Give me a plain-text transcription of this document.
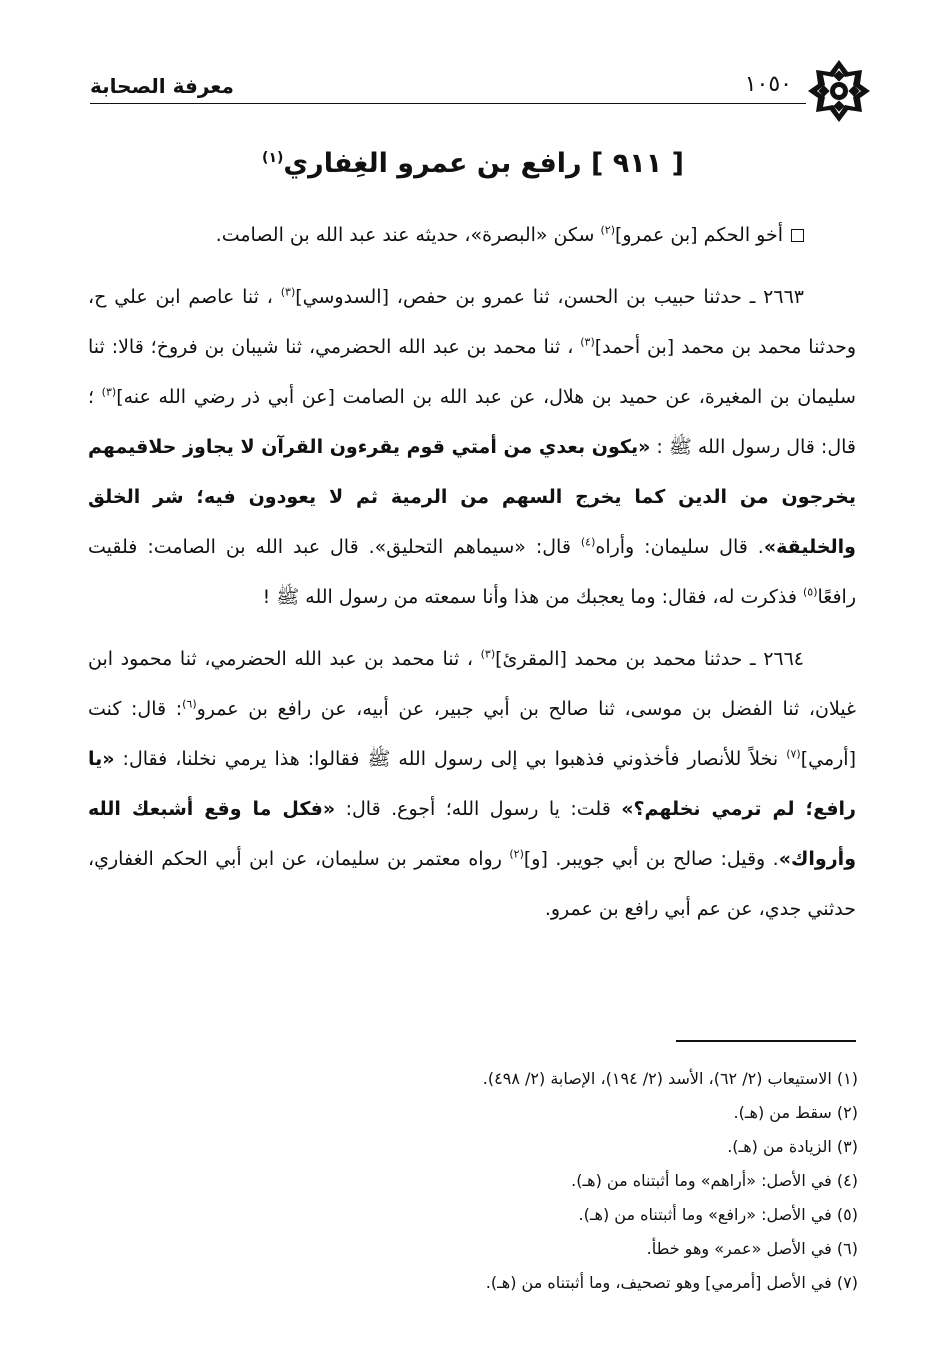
١٠٥٠
معرفة الصحابة
[ ٩١١ ] رافع بن عمرو الغِفاري$^{(١)}$

أخو الحكم [بن عمرو]$^{(٢)}$ سكن «البصرة»، حديثه عند عبد الله بن الصامت.

٢٦٦٣ ـ حدثنا حبيب بن الحسن، ثنا عمرو بن حفص، [السدوسي]$^{(٣)}$ ، ثنا عاصم ابن علي ح، وحدثنا محمد بن محمد [بن أحمد]$^{(٣)}$ ، ثنا محمد بن عبد الله الحضرمي، ثنا شيبان بن فروخ؛ قالا: ثنا سليمان بن المغيرة، عن حميد بن هلال، عن عبد الله بن الصامت [عن أبي ذر رضي الله عنه]$^{(٣)}$ ؛ قال: قال رسول الله ﷺ : «يكون بعدي من أمتي قوم يقرءون القرآن لا يجاوز حلاقيمهم يخرجون من الدين كما يخرج السهم من الرمية ثم لا يعودون فيه؛ شر الخلق والخليقة». قال سليمان: وأراه$^{(٤)}$ قال: «سيماهم التحليق». قال عبد الله بن الصامت: فلقيت رافعًا$^{(٥)}$ فذكرت له، فقال: وما يعجبك من هذا وأنا سمعته من رسول الله ﷺ !

٢٦٦٤ ـ حدثنا محمد بن محمد [المقرئ]$^{(٣)}$ ، ثنا محمد بن عبد الله الحضرمي، ثنا محمود ابن غيلان، ثنا الفضل بن موسى، ثنا صالح بن أبي جبير، عن أبيه، عن رافع بن عمرو$^{(٦)}$: قال: كنت [أرمي]$^{(٧)}$ نخلاً للأنصار فأخذوني فذهبوا بي إلى رسول الله ﷺ فقالوا: هذا يرمي نخلنا، فقال: «يا رافع؛ لم ترمي نخلهم؟» قلت: يا رسول الله؛ أجوع. قال: «فكل ما وقع أشبعك الله وأرواك». وقيل: صالح بن أبي جويبر. [و]$^{(٢)}$ رواه معتمر بن سليمان، عن ابن أبي الحكم الغفاري، حدثني جدي، عن عم أبي رافع بن عمرو.

(١) الاستيعاب (٢/ ٦٢)، الأسد (٢/ ١٩٤)، الإصابة (٢/ ٤٩٨).
(٢) سقط من (هـ).
(٣) الزيادة من (هـ).
(٤) في الأصل: «أراهم» وما أثبتناه من (هـ).
(٥) في الأصل: «رافع» وما أثبتناه من (هـ).
(٦) في الأصل «عمر» وهو خطأ.
(٧) في الأصل [أمرمي] وهو تصحيف، وما أثبتناه من (هـ).
